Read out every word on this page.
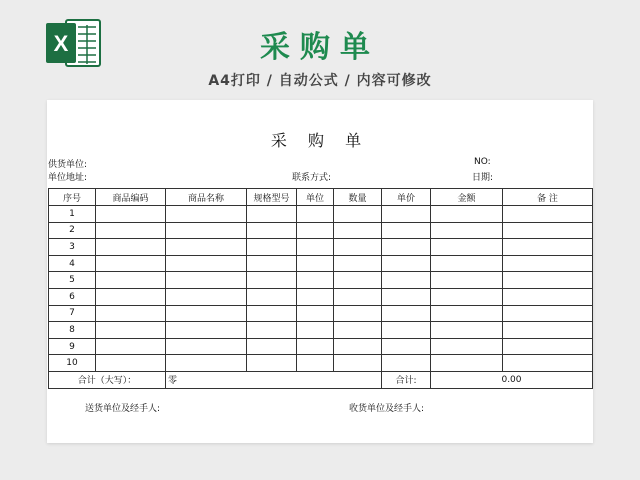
X	采购单
A4打印 / 自动公式 / 内容可修改
采 购 单
供货单位:	NO:
单位地址:	联系方式:	日期:
序号	商品编码	商品名称	规格型号	单位	数量	单价	金额	备 注
1								
2								
3								
4								
5								
6								
7								
8								
9								
10								
合计（大写）：		零				合计:	0.00	
送货单位及经手人:	收货单位及经手人:
